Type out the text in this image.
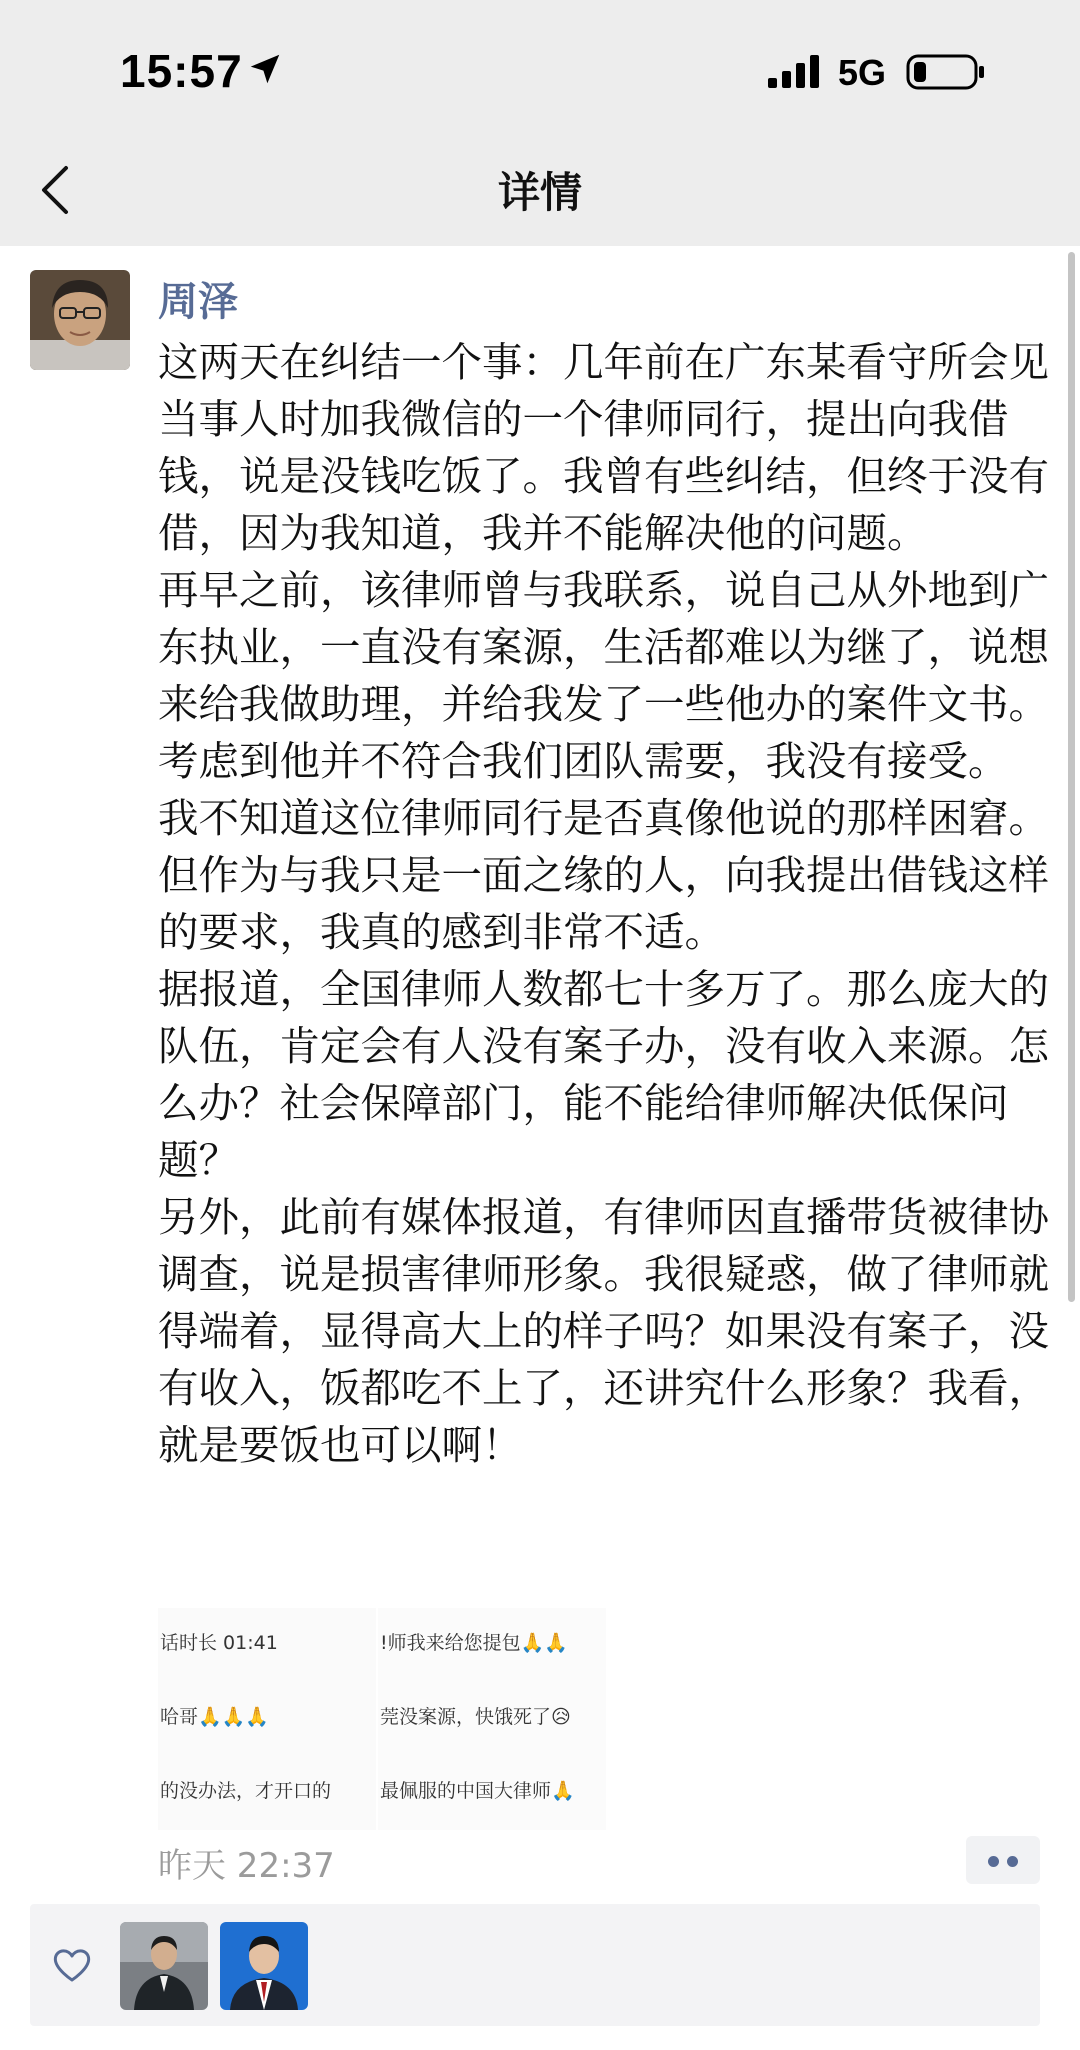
15:57	5G
详情
周泽

这两天在纠结一个事：几年前在广东某看守所会见当事人时加我微信的一个律师同行，提出向我借钱，说是没钱吃饭了。我曾有些纠结，但终于没有借，因为我知道，我并不能解决他的问题。

再早之前，该律师曾与我联系，说自己从外地到广东执业，一直没有案源，生活都难以为继了，说想来给我做助理，并给我发了一些他办的案件文书。考虑到他并不符合我们团队需要，我没有接受。

我不知道这位律师同行是否真像他说的那样困窘。但作为与我只是一面之缘的人，向我提出借钱这样的要求，我真的感到非常不适。

据报道，全国律师人数都七十多万了。那么庞大的队伍，肯定会有人没有案子办，没有收入来源。怎么办？社会保障部门，能不能给律师解决低保问题？

另外，此前有媒体报道，有律师因直播带货被律协调查，说是损害律师形象。我很疑惑，做了律师就得端着，显得高大上的样子吗？如果没有案子，没有收入，饭都吃不上了，还讲究什么形象？我看，就是要饭也可以啊！

话时长 01:41
哈哥🙏🙏🙏
的没办法，才开口的
!师我来给您提包🙏🙏
莞没案源，快饿死了😥
最佩服的中国大律师🙏
昨天 22:37
